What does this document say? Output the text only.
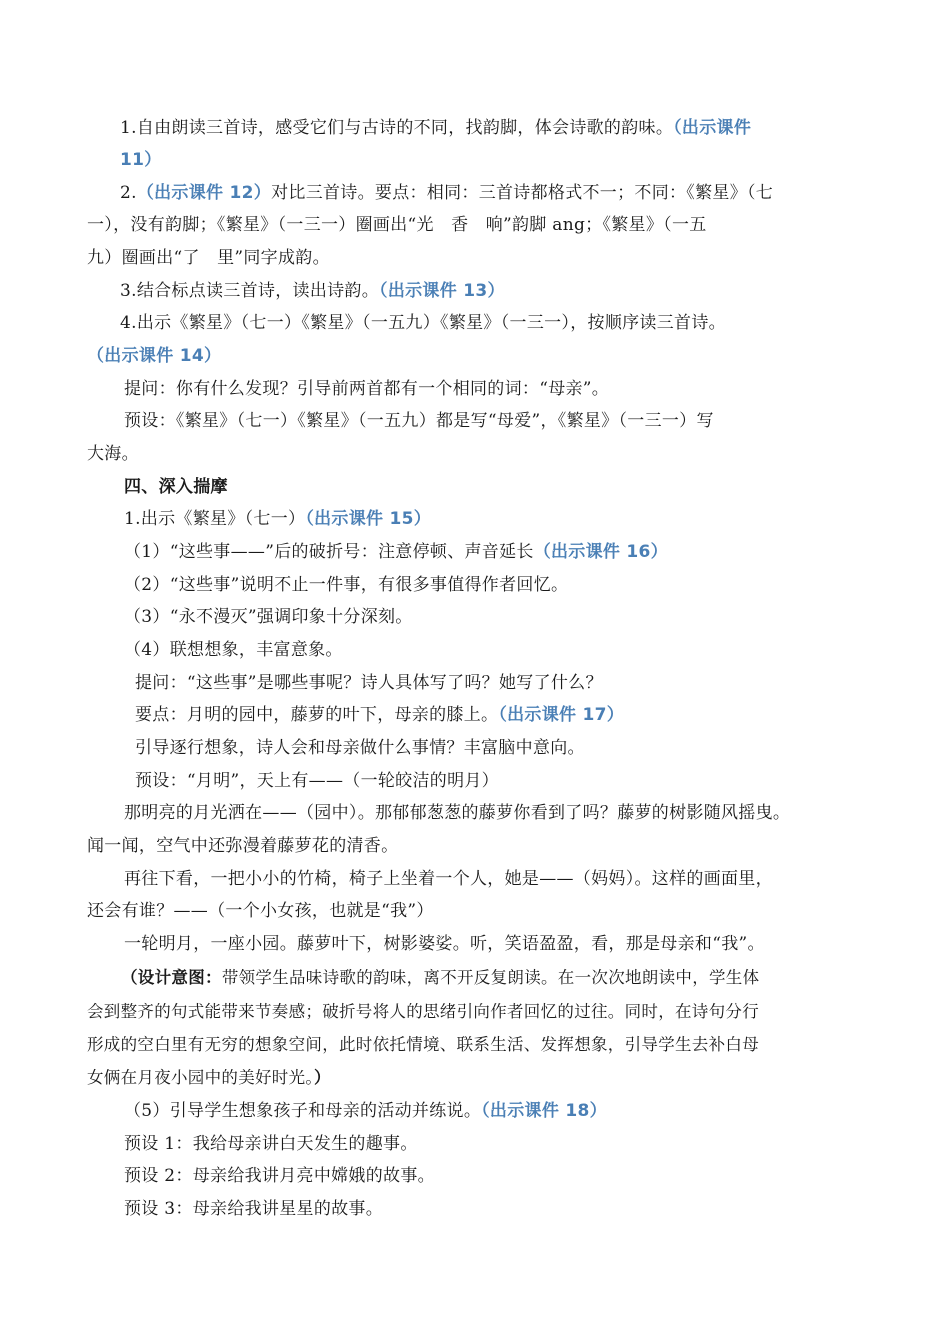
1.自由朗读三首诗，感受它们与古诗的不同，找韵脚，体会诗歌的韵味。（出示课件
11）
2.（出示课件 12）对比三首诗。要点：相同：三首诗都格式不一；不同：《繁星》（七
一），没有韵脚；《繁星》（一三一）圈画出“光　香　响”韵脚 ang；《繁星》（一五
九）圈画出“了　里”同字成韵。
3.结合标点读三首诗，读出诗韵。（出示课件 13）
4.出示《繁星》（七一）《繁星》（一五九）《繁星》（一三一），按顺序读三首诗。
（出示课件 14）
提问：你有什么发现？引导前两首都有一个相同的词：“母亲”。
预设：《繁星》（七一）《繁星》（一五九）都是写“母爱”，《繁星》（一三一）写
大海。
四、深入揣摩
1.出示《繁星》（七一）（出示课件 15）
（1）“这些事——”后的破折号：注意停顿、声音延长（出示课件 16）
（2）“这些事”说明不止一件事，有很多事值得作者回忆。
（3）“永不漫灭”强调印象十分深刻。
（4）联想想象，丰富意象。
提问：“这些事”是哪些事呢？诗人具体写了吗？她写了什么？
要点：月明的园中，藤萝的叶下，母亲的膝上。（出示课件 17）
引导逐行想象，诗人会和母亲做什么事情？丰富脑中意向。
预设：“月明”，天上有——（一轮皎洁的明月）
那明亮的月光洒在——（园中）。那郁郁葱葱的藤萝你看到了吗？藤萝的树影随风摇曳。
闻一闻，空气中还弥漫着藤萝花的清香。
再往下看，一把小小的竹椅，椅子上坐着一个人，她是——（妈妈）。这样的画面里，
还会有谁？——（一个小女孩，也就是“我”）
一轮明月，一座小园。藤萝叶下，树影婆娑。听，笑语盈盈，看，那是母亲和“我”。
（设计意图：带领学生品味诗歌的韵味，离不开反复朗读。在一次次地朗读中，学生体
会到整齐的句式能带来节奏感；破折号将人的思绪引向作者回忆的过往。同时，在诗句分行
形成的空白里有无穷的想象空间，此时依托情境、联系生活、发挥想象，引导学生去补白母
女俩在月夜小园中的美好时光。）
（5）引导学生想象孩子和母亲的活动并练说。（出示课件 18）
预设 1：我给母亲讲白天发生的趣事。
预设 2：母亲给我讲月亮中嫦娥的故事。
预设 3：母亲给我讲星星的故事。
